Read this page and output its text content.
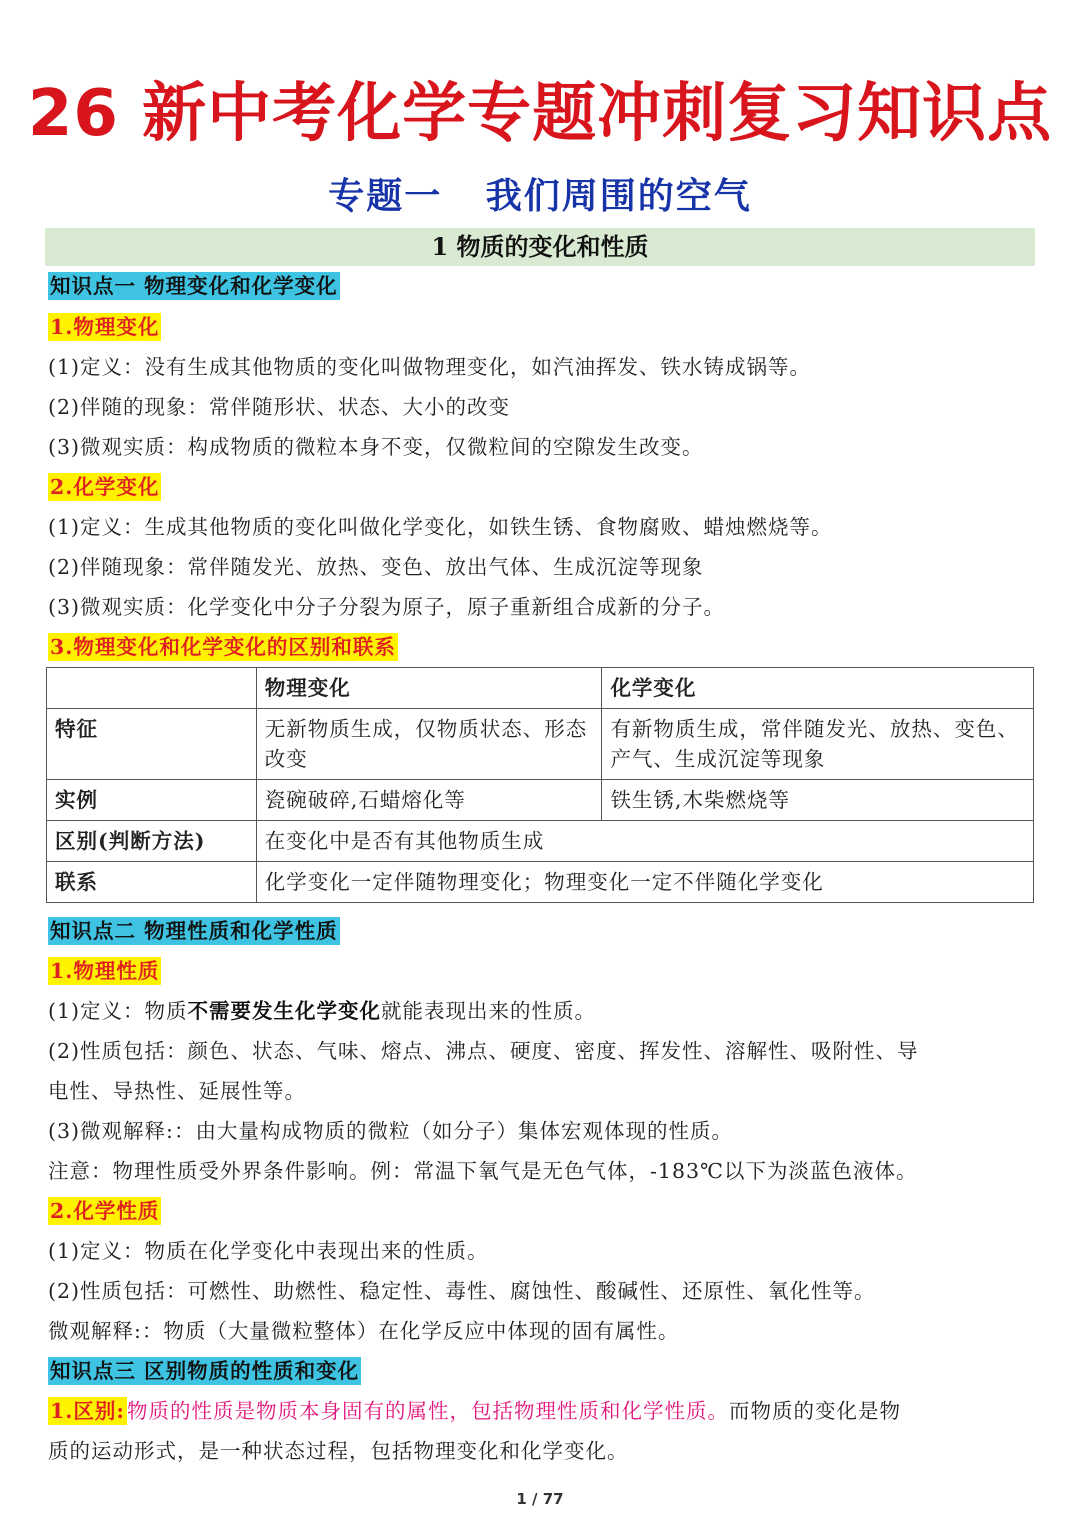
26 新中考化学专题冲刺复习知识点
专题一   我们周围的空气
1 物质的变化和性质
知识点一 物理变化和化学变化
1.物理变化
(1)定义：没有生成其他物质的变化叫做物理变化，如汽油挥发、铁水铸成锅等。
(2)伴随的现象：常伴随形状、状态、大小的改变
(3)微观实质：构成物质的微粒本身不变，仅微粒间的空隙发生改变。
2.化学变化
(1)定义：生成其他物质的变化叫做化学变化，如铁生锈、食物腐败、蜡烛燃烧等。
(2)伴随现象：常伴随发光、放热、变色、放出气体、生成沉淀等现象
(3)微观实质：化学变化中分子分裂为原子，原子重新组合成新的分子。
3.物理变化和化学变化的区别和联系
	物理变化	化学变化
特征	无新物质生成，仅物质状态、形态改变	有新物质生成，常伴随发光、放热、变色、产气、生成沉淀等现象
实例	瓷碗破碎,石蜡熔化等	铁生锈,木柴燃烧等
区别(判断方法)	在变化中是否有其他物质生成	
联系	化学变化一定伴随物理变化；物理变化一定不伴随化学变化	
知识点二 物理性质和化学性质
1.物理性质
(1)定义：物质不需要发生化学变化就能表现出来的性质。
(2)性质包括：颜色、状态、气味、熔点、沸点、硬度、密度、挥发性、溶解性、吸附性、导
电性、导热性、延展性等。
(3)微观解释:：由大量构成物质的微粒（如分子）集体宏观体现的性质。
注意：物理性质受外界条件影响。例：常温下氧气是无色气体，-183℃以下为淡蓝色液体。
2.化学性质
(1)定义：物质在化学变化中表现出来的性质。
(2)性质包括：可燃性、助燃性、稳定性、毒性、腐蚀性、酸碱性、还原性、氧化性等。
微观解释:：物质（大量微粒整体）在化学反应中体现的固有属性。
知识点三 区别物质的性质和变化
1.区别:物质的性质是物质本身固有的属性，包括物理性质和化学性质。而物质的变化是物
质的运动形式，是一种状态过程，包括物理变化和化学变化。
1 / 77
